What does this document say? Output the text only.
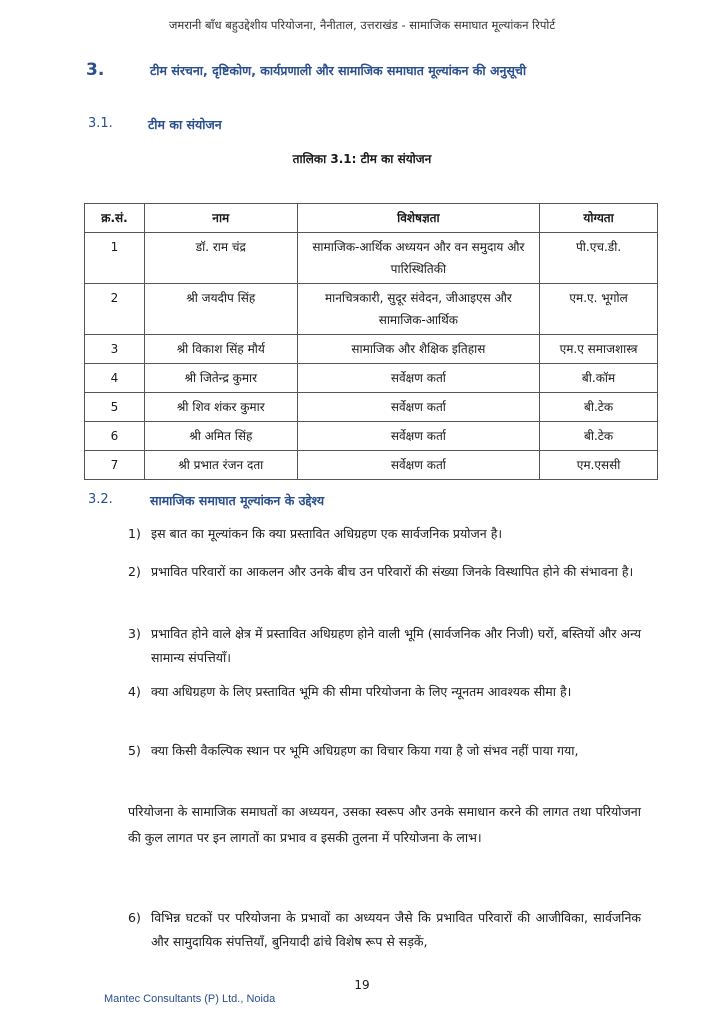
जमरानी बाँध बहुउद्देशीय परियोजना, नैनीताल, उत्तराखंड - सामाजिक समाघात मूल्यांकन रिपोर्ट
3.	टीम संरचना, दृष्टिकोण, कार्यप्रणाली और सामाजिक समाघात मूल्यांकन की अनुसूची
3.1.	टीम का संयोजन
तालिका 3.1: टीम का संयोजन
क्र.सं.	नाम	विशेषज्ञता	योग्यता
1	डॉ. राम चंद्र	सामाजिक-आर्थिक अध्ययन और वन समुदाय और पारिस्थितिकी	पी.एच.डी.
2	श्री जयदीप सिंह	मानचित्रकारी, सुदूर संवेदन, जीआइएस और सामाजिक-आर्थिक	एम.ए. भूगोल
3	श्री विकाश सिंह मौर्य	सामाजिक और शैक्षिक इतिहास	एम.ए समाजशास्त्र
4	श्री जितेन्द्र कुमार	सर्वेक्षण कर्ता	बी.कॉम
5	श्री शिव शंकर कुमार	सर्वेक्षण कर्ता	बी.टेक
6	श्री अमित सिंह	सर्वेक्षण कर्ता	बी.टेक
7	श्री प्रभात रंजन दता	सर्वेक्षण कर्ता	एम.एससी
3.2.	सामाजिक समाघात मूल्यांकन के उद्देश्य
1) इस बात का मूल्यांकन कि क्या प्रस्तावित अधिग्रहण एक सार्वजनिक प्रयोजन है।
2) प्रभावित परिवारों का आकलन और उनके बीच उन परिवारों की संख्या जिनके विस्थापित होने की संभावना है।
3) प्रभावित होने वाले क्षेत्र में प्रस्तावित अधिग्रहण होने वाली भूमि (सार्वजनिक और निजी) घरों, बस्तियों और अन्य सामान्य संपत्तियाँ।
4) क्या अधिग्रहण के लिए प्रस्तावित भूमि की सीमा परियोजना के लिए न्यूनतम आवश्यक सीमा है।
5) क्या किसी वैकल्पिक स्थान पर भूमि अधिग्रहण का विचार किया गया है जो संभव नहीं पाया गया,
परियोजना के सामाजिक समाघतों का अध्ययन, उसका स्वरूप और उनके समाधान करने की लागत तथा परियोजना की कुल लागत पर इन लागतों का प्रभाव व इसकी तुलना में परियोजना के लाभ।
6) विभिन्न घटकों पर परियोजना के प्रभावों का अध्ययन जैसे कि प्रभावित परिवारों की आजीविका, सार्वजनिक और सामुदायिक संपत्तियाँ, बुनियादी ढांचे विशेष रूप से सड़कें,
19
Mantec Consultants (P) Ltd., Noida
